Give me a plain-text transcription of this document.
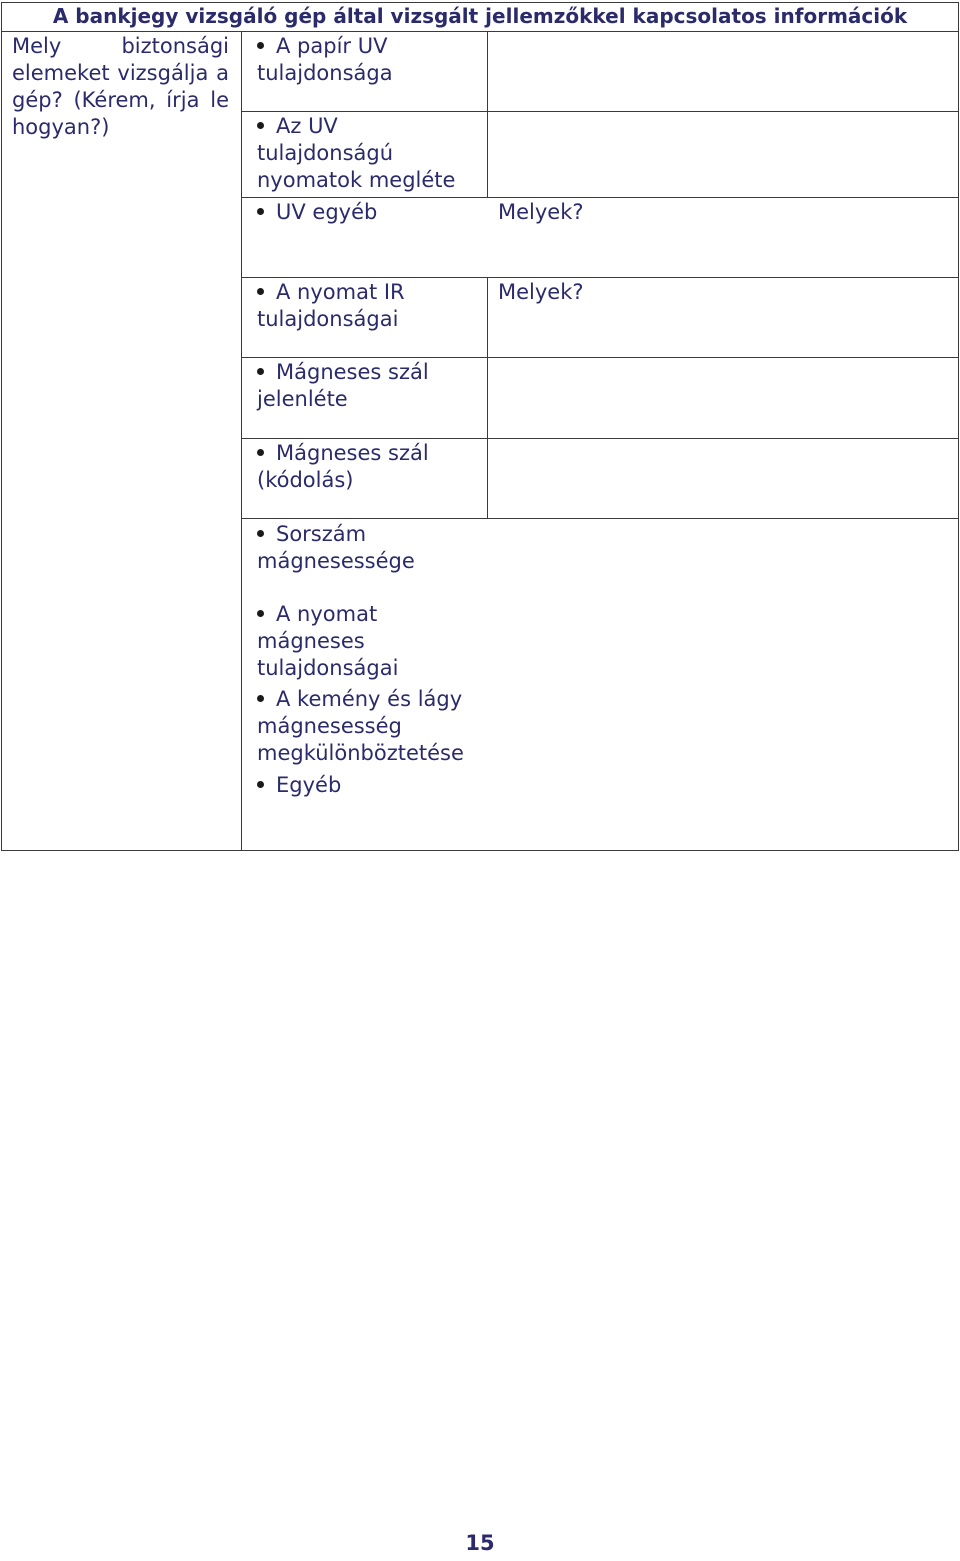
A bankjegy vizsgáló gép által vizsgált jellemzőkkel kapcsolatos információk
Mely biztonsági elemeket vizsgálja a gép? (Kérem, írja le hogyan?)
A papír UV
tulajdonsága
Az UV
tulajdonságú
nyomatok megléte
UV egyéb	Melyek?
A nyomat IR
tulajdonságai
Melyek?
Mágneses szál
jelenléte
Mágneses szál
(kódolás)
Sorszám
mágnesessége
A nyomat
mágneses
tulajdonságai
A kemény és lágy
mágnesesség
megkülönböztetése
Egyéb
15
